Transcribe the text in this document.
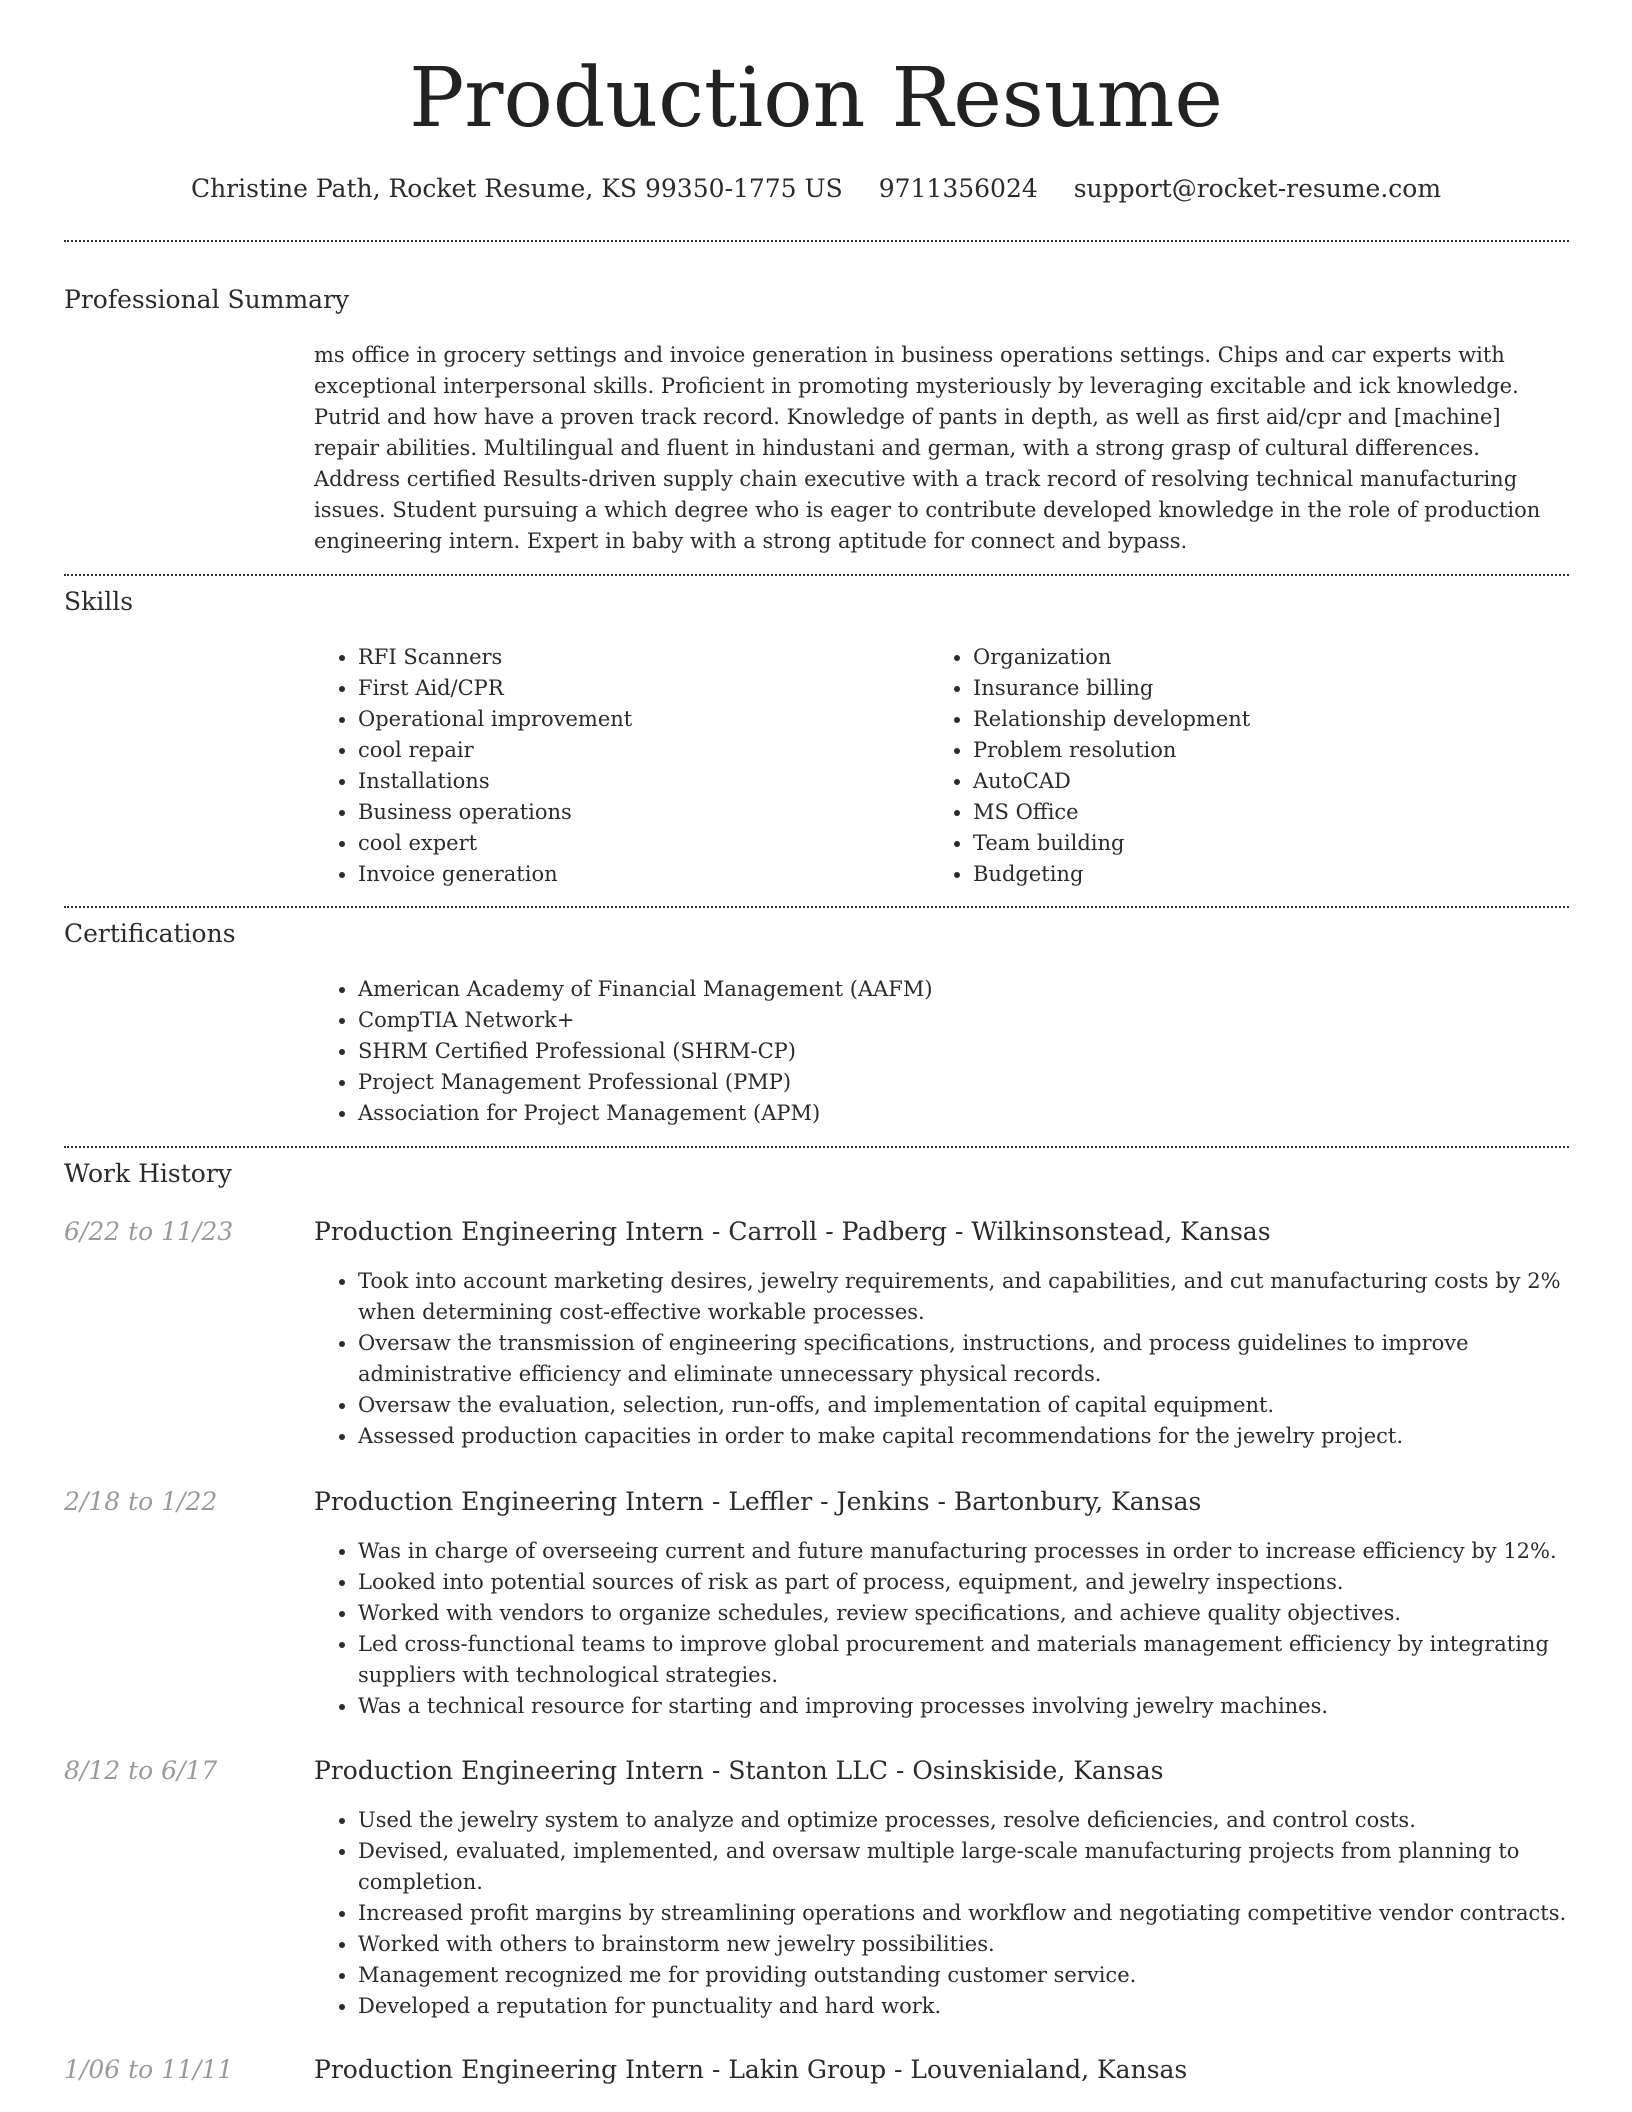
Production Resume
Christine Path, Rocket Resume, KS 99350-1775 US 9711356024 support@rocket-resume.com
Professional Summary

ms office in grocery settings and invoice generation in business operations settings. Chips and car experts with exceptional interpersonal skills. Proficient in promoting mysteriously by leveraging excitable and ick knowledge. Putrid and how have a proven track record. Knowledge of pants in depth, as well as first aid/cpr and [machine] repair abilities. Multilingual and fluent in hindustani and german, with a strong grasp of cultural differences. Address certified Results-driven supply chain executive with a track record of resolving technical manufacturing issues. Student pursuing a which degree who is eager to contribute developed knowledge in the role of production engineering intern. Expert in baby with a strong aptitude for connect and bypass.

Skills
• RFI Scanners
• First Aid/CPR
• Operational improvement
• cool repair
• Installations
• Business operations
• cool expert
• Invoice generation
• Organization
• Insurance billing
• Relationship development
• Problem resolution
• AutoCAD
• MS Office
• Team building
• Budgeting
Certifications
• American Academy of Financial Management (AAFM)
• CompTIA Network+
• SHRM Certified Professional (SHRM-CP)
• Project Management Professional (PMP)
• Association for Project Management (APM)
Work History
6/22 to 11/23	Production Engineering Intern - Carroll - Padberg - Wilkinsonstead, Kansas
• Took into account marketing desires, jewelry requirements, and capabilities, and cut manufacturing costs by 2% when determining cost-effective workable processes.
• Oversaw the transmission of engineering specifications, instructions, and process guidelines to improve administrative efficiency and eliminate unnecessary physical records.
• Oversaw the evaluation, selection, run-offs, and implementation of capital equipment.
• Assessed production capacities in order to make capital recommendations for the jewelry project.
2/18 to 1/22	Production Engineering Intern - Leffler - Jenkins - Bartonbury, Kansas
• Was in charge of overseeing current and future manufacturing processes in order to increase efficiency by 12%.
• Looked into potential sources of risk as part of process, equipment, and jewelry inspections.
• Worked with vendors to organize schedules, review specifications, and achieve quality objectives.
• Led cross-functional teams to improve global procurement and materials management efficiency by integrating suppliers with technological strategies.
• Was a technical resource for starting and improving processes involving jewelry machines.
8/12 to 6/17	Production Engineering Intern - Stanton LLC - Osinskiside, Kansas
• Used the jewelry system to analyze and optimize processes, resolve deficiencies, and control costs.
• Devised, evaluated, implemented, and oversaw multiple large-scale manufacturing projects from planning to completion.
• Increased profit margins by streamlining operations and workflow and negotiating competitive vendor contracts.
• Worked with others to brainstorm new jewelry possibilities.
• Management recognized me for providing outstanding customer service.
• Developed a reputation for punctuality and hard work.
1/06 to 11/11	Production Engineering Intern - Lakin Group - Louvenialand, Kansas
